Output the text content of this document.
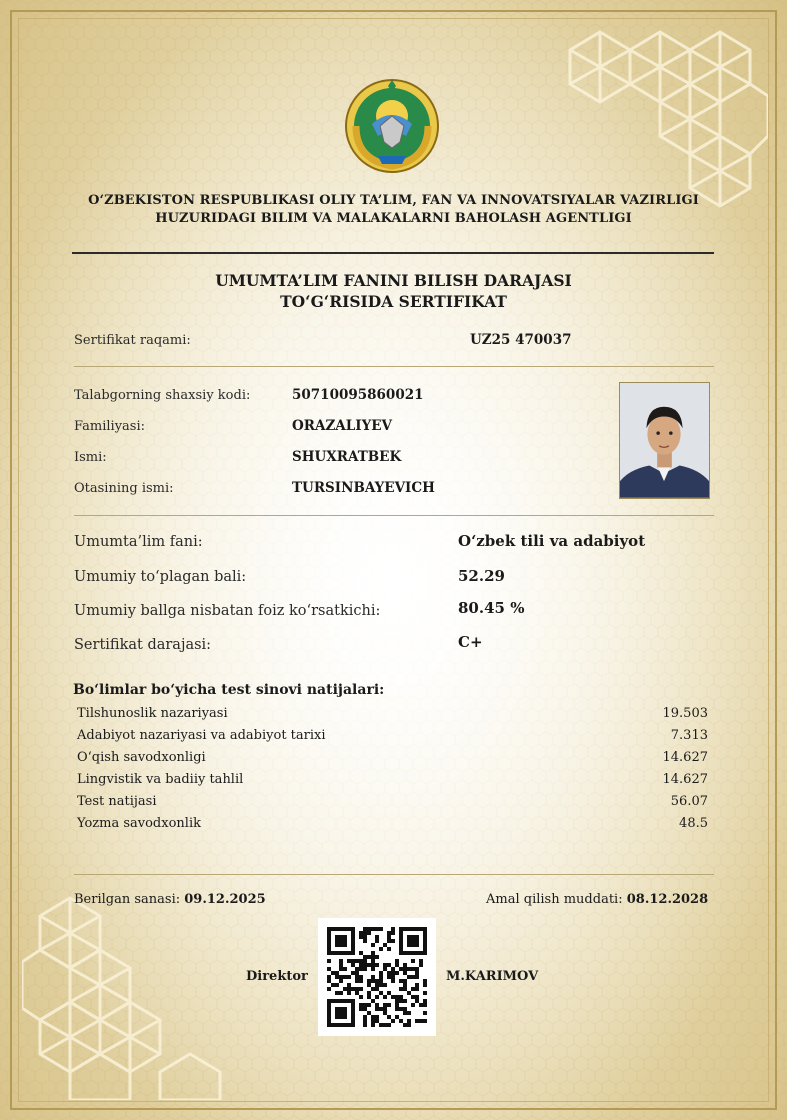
O‘ZBEKISTON RESPUBLIKASI OLIY TA’LIM, FAN VA INNOVATSIYALAR VAZIRLIGI
HUZURIDAGI BILIM VA MALAKALARNI BAHOLASH AGENTLIGI
UMUMTA’LIM FANINI BILISH DARAJASI
TO‘G‘RISIDA SERTIFIKAT
Sertifikat raqami:	UZ25 470037
Talabgorning shaxsiy kodi:	50710095860021
Familiyasi:	ORAZALIYEV
Ismi:	SHUXRATBEK
Otasining ismi:	TURSINBAYEVICH
Umumta’lim fani:	O‘zbek tili va adabiyot
Umumiy to‘plagan bali:	52.29
Umumiy ballga nisbatan foiz ko‘rsatkichi:	80.45 %
Sertifikat darajasi:	C+
Bo‘limlar bo‘yicha test sinovi natijalari:
Tilshunoslik nazariyasi	19.503
Adabiyot nazariyasi va adabiyot tarixi	7.313
O‘qish savodxonligi	14.627
Lingvistik va badiiy tahlil	14.627
Test natijasi	56.07
Yozma savodxonlik	48.5
Berilgan sanasi: 09.12.2025	Amal qilish muddati: 08.12.2028
Direktor	M.KARIMOV
